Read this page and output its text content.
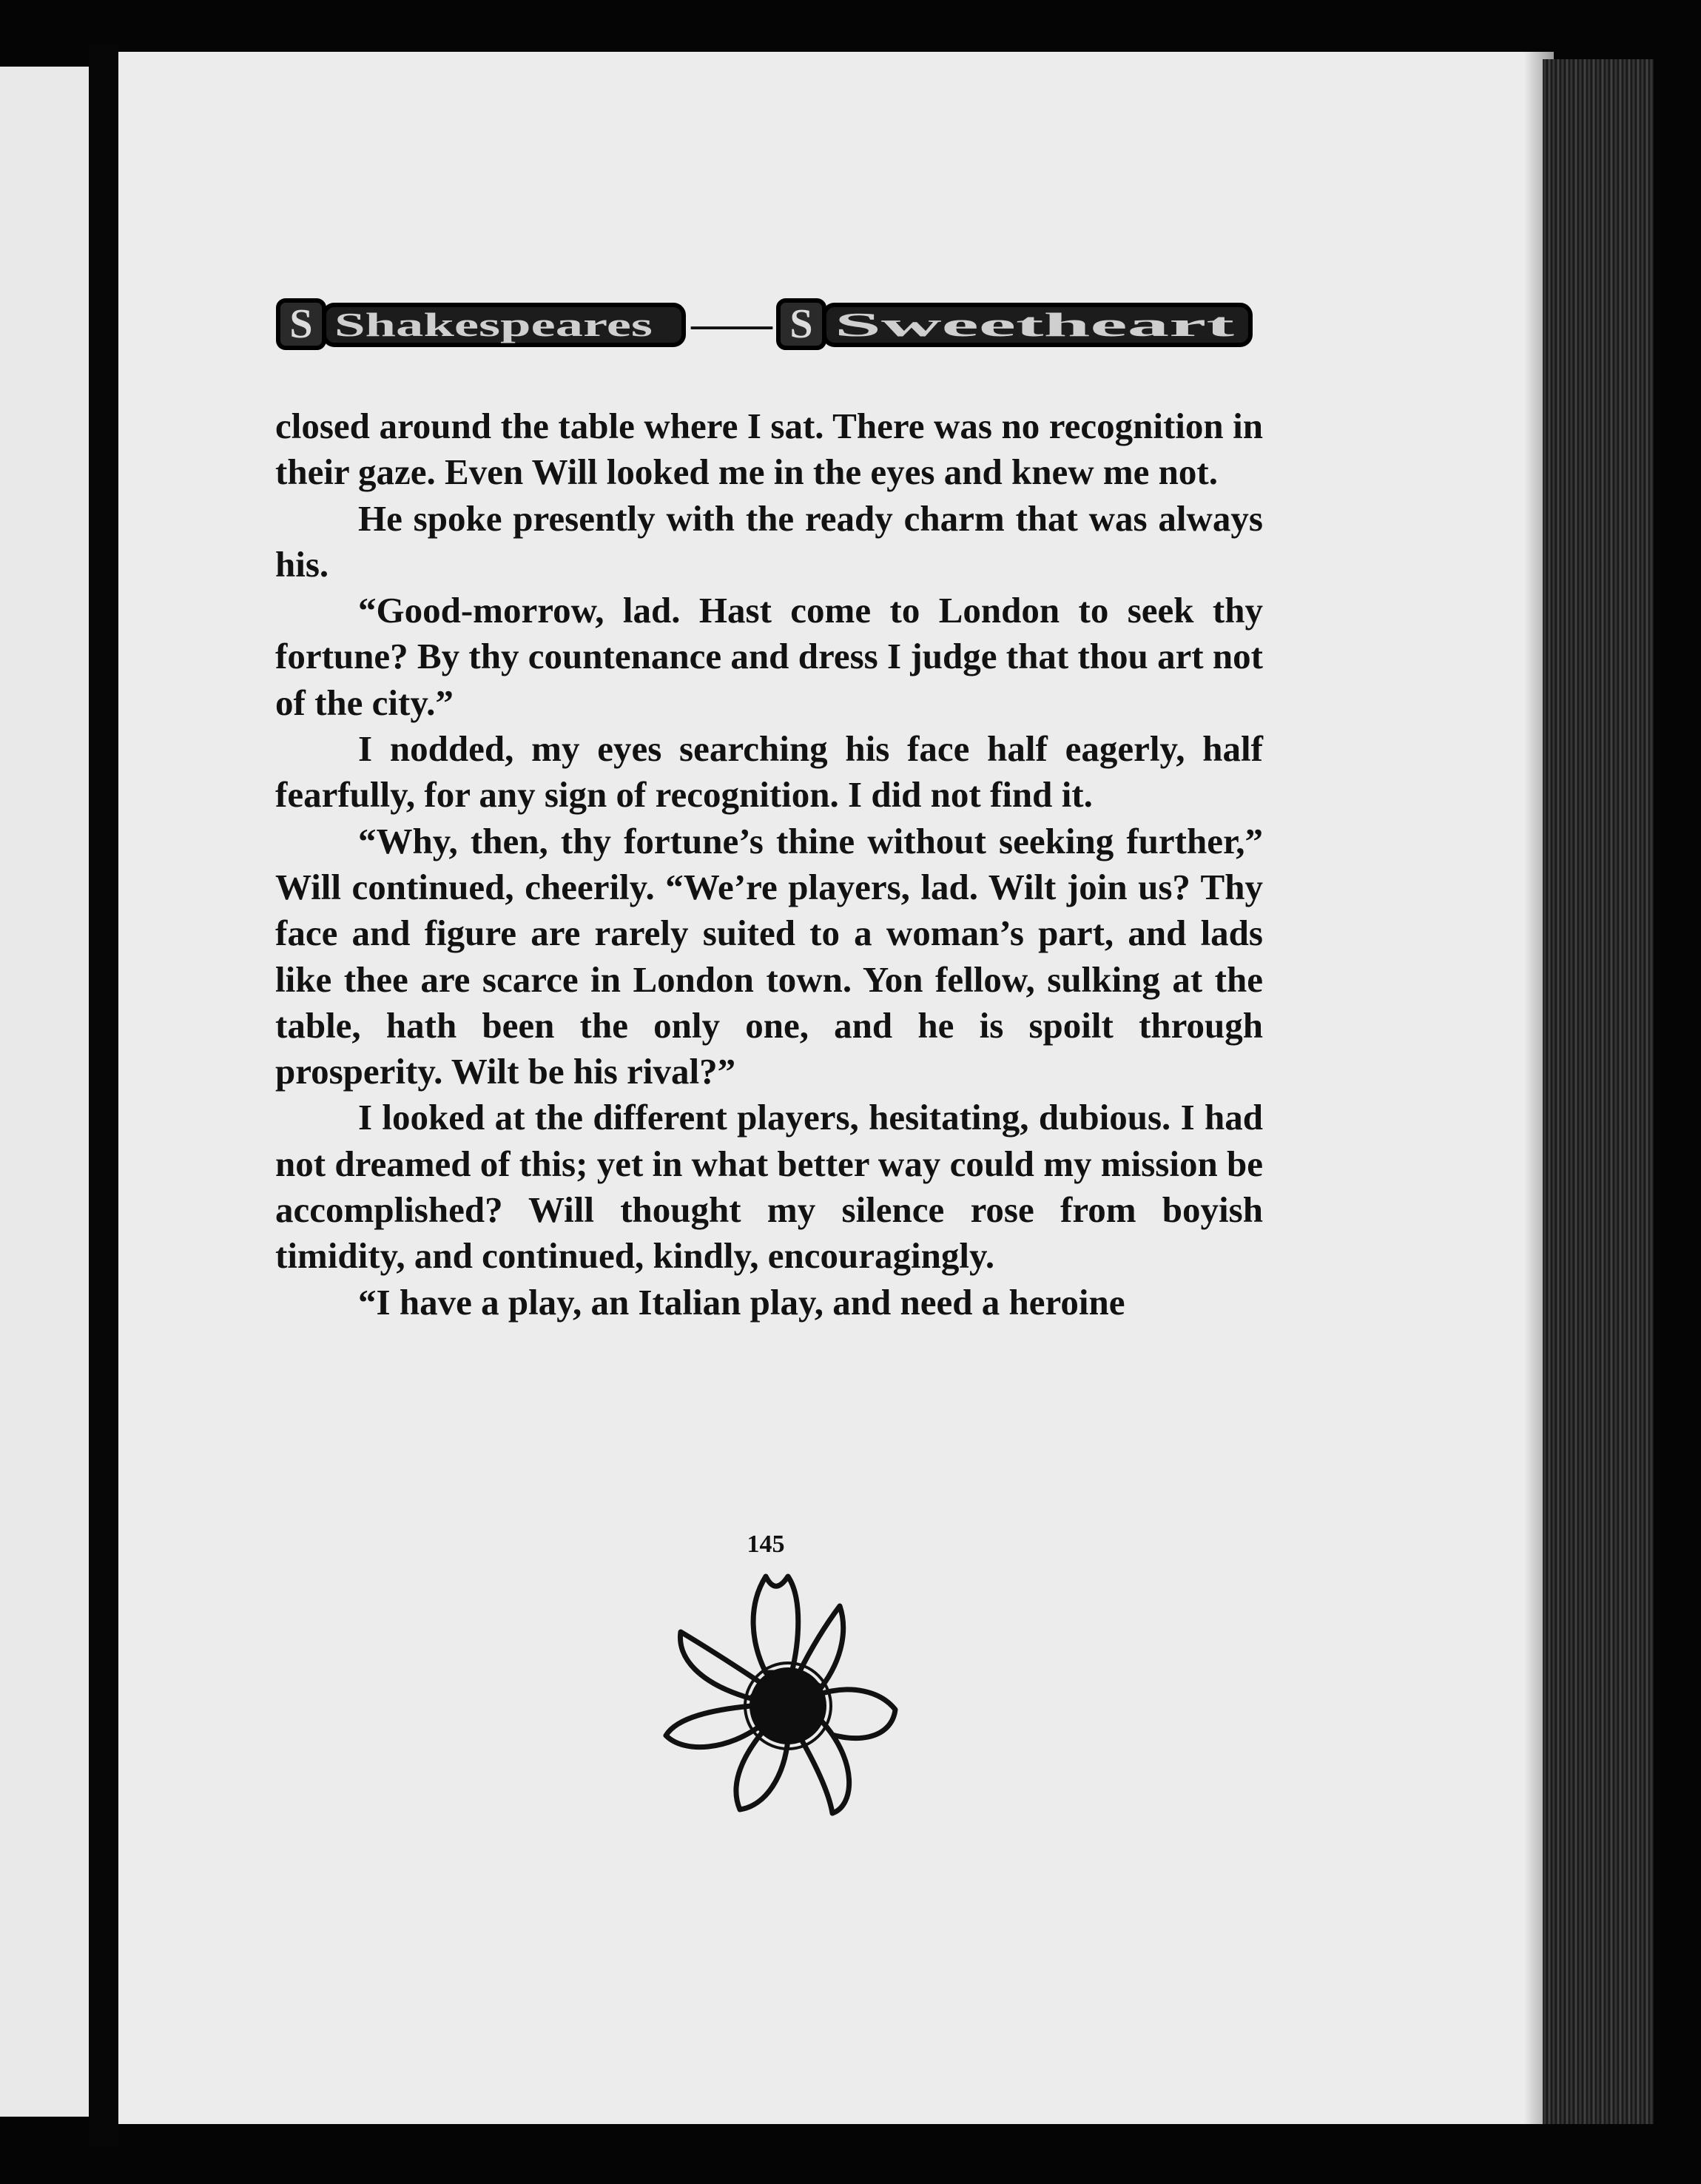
S Shakespeares —— S Sweetheart

closed around the table where I sat. There was no recognition in their gaze. Even Will looked me in the eyes and knew me not.

He spoke presently with the ready charm that was always his.

“Good-morrow, lad. Hast come to London to seek thy fortune? By thy countenance and dress I judge that thou art not of the city.”

I nodded, my eyes searching his face half eagerly, half fearfully, for any sign of recognition. I did not find it.

“Why, then, thy fortune’s thine without seeking further,” Will continued, cheerily. “We’re players, lad. Wilt join us? Thy face and figure are rarely suited to a woman’s part, and lads like thee are scarce in London town. Yon fellow, sulking at the table, hath been the only one, and he is spoilt through prosperity. Wilt be his rival?”

I looked at the different players, hesitating, dubious. I had not dreamed of this; yet in what better way could my mission be accomplished? Will thought my silence rose from boyish timidity, and continued, kindly, encouragingly.

“I have a play, an Italian play, and need a heroine

145
